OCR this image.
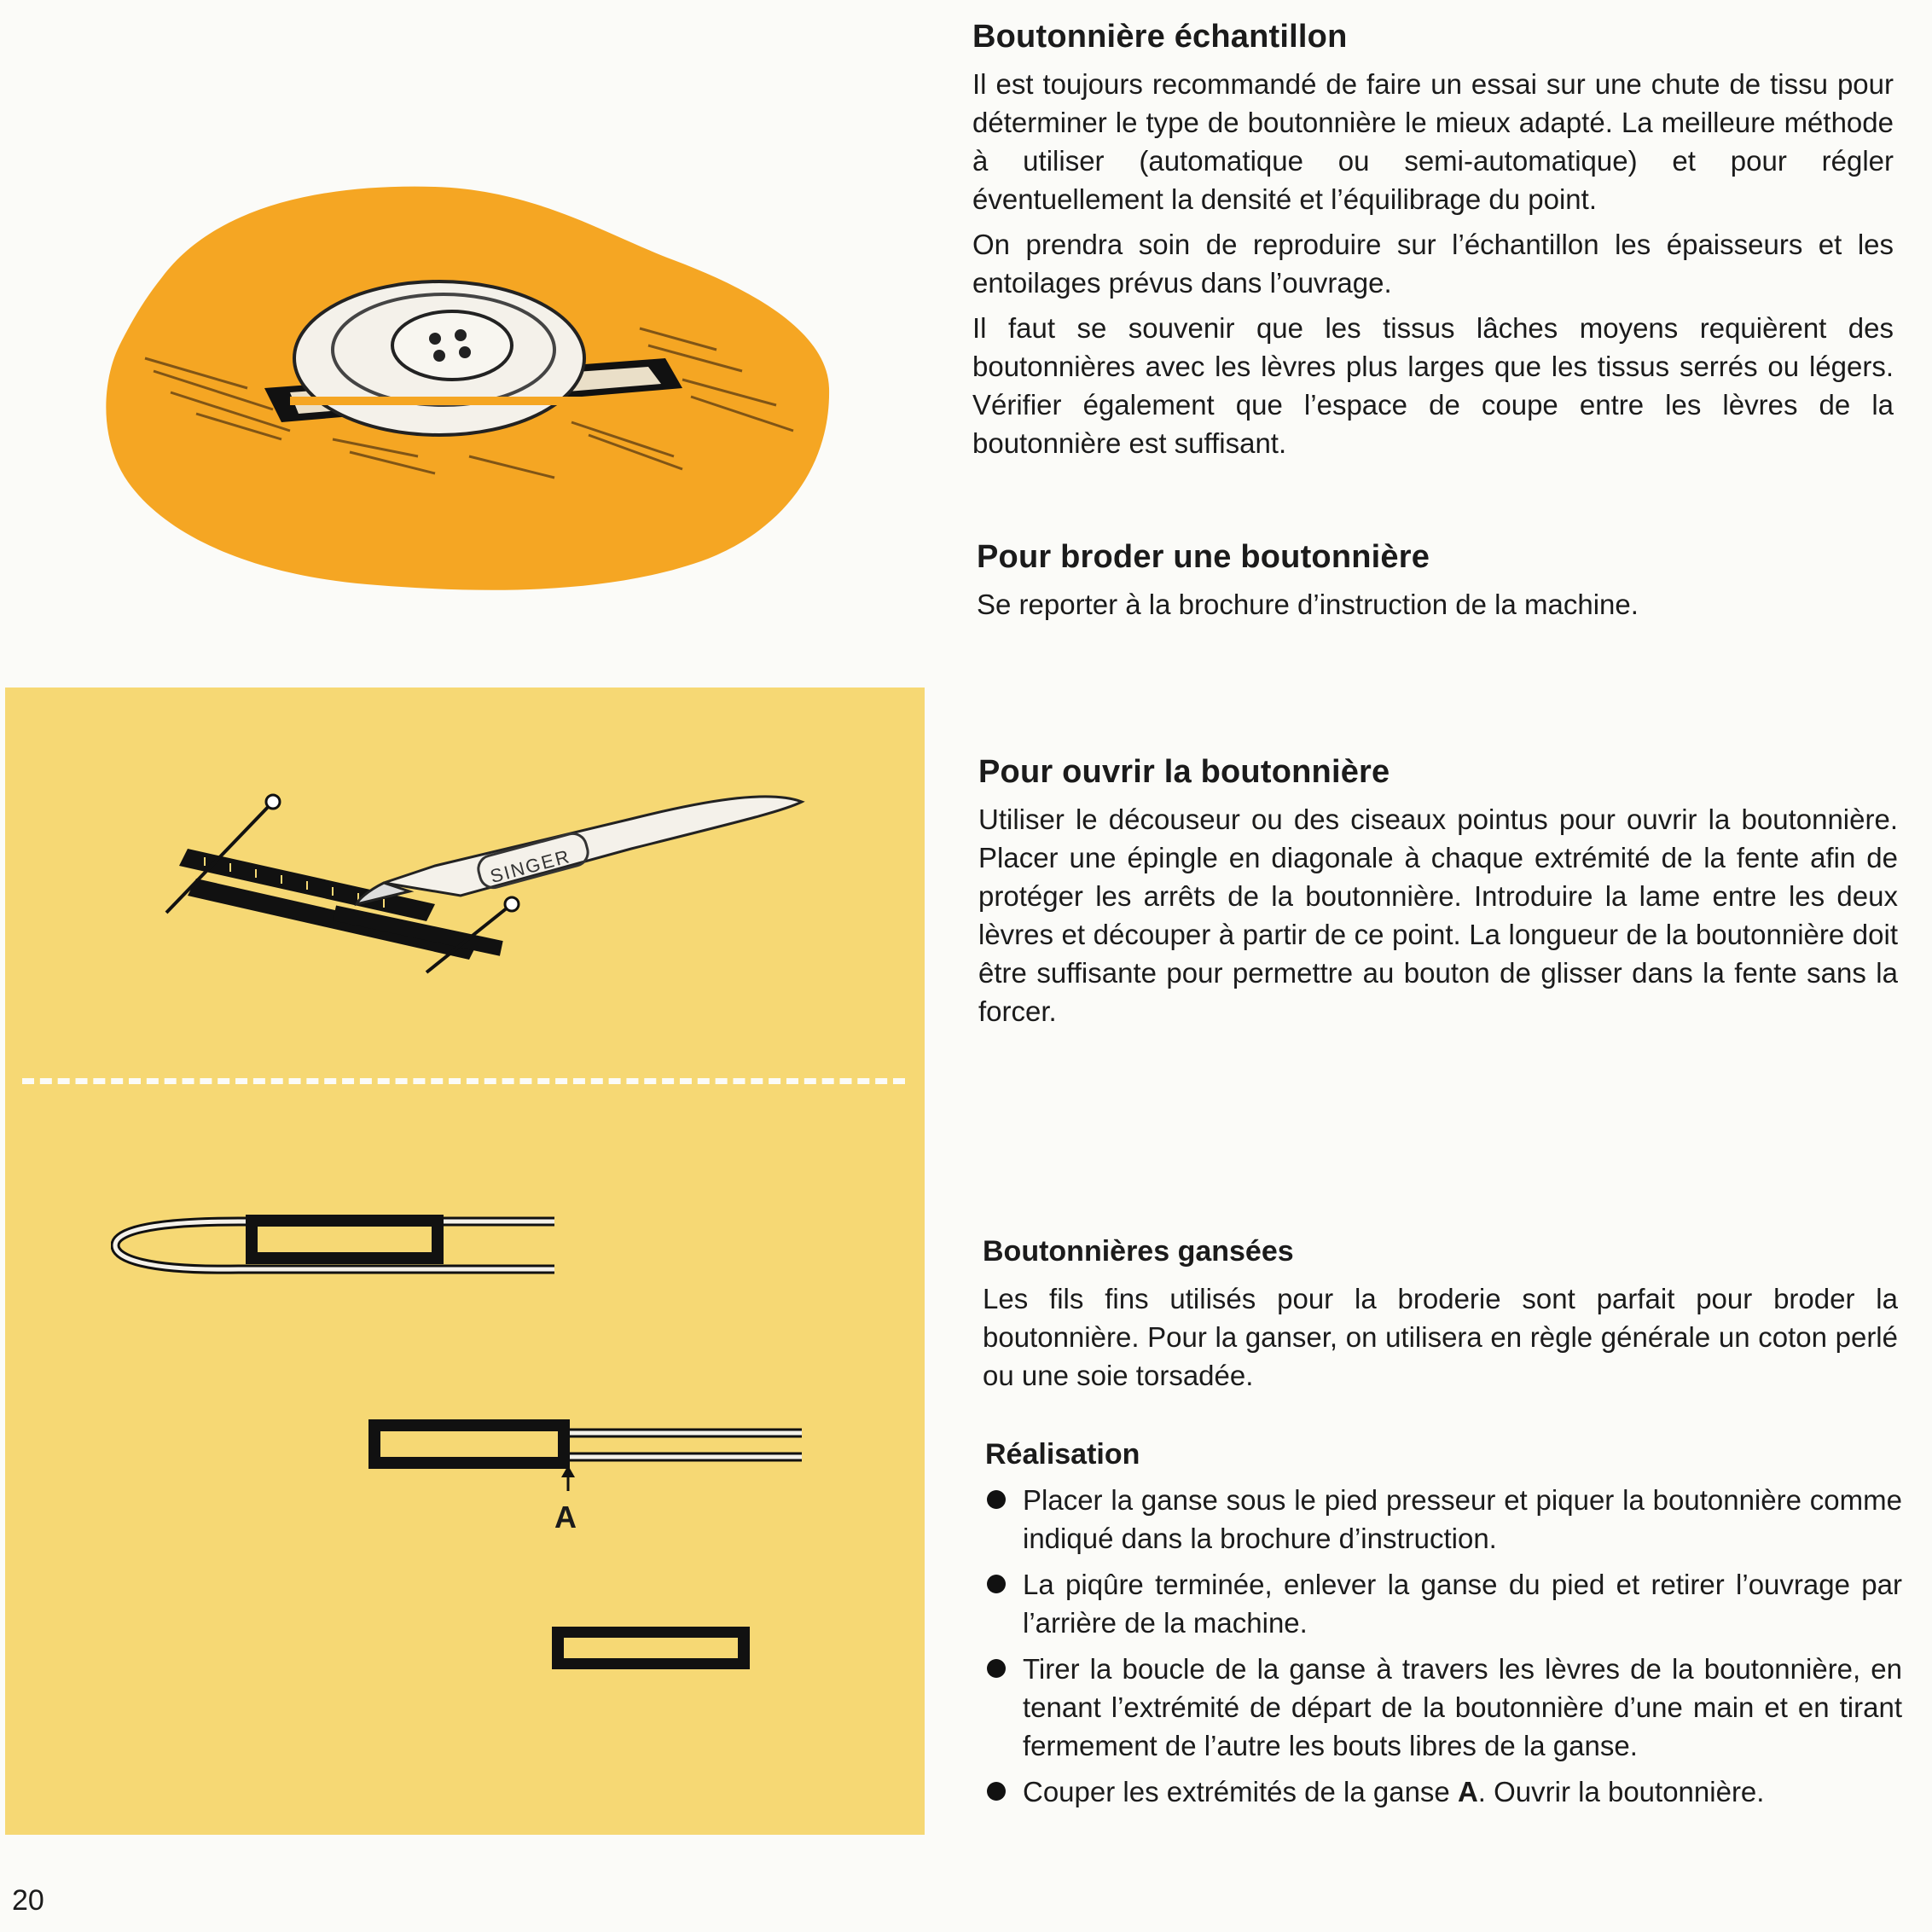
SINGER
A
Boutonnière échantillon

Il est toujours recommandé de faire un essai sur une chute de tissu pour déterminer le type de boutonnière le mieux adapté. La meilleure méthode à utiliser (automatique ou semi-automatique) et pour régler éventuellement la densité et l’équilibrage du point.

On prendra soin de reproduire sur l’échantillon les épaisseurs et les entoilages prévus dans l’ouvrage.

Il faut se souvenir que les tissus lâches moyens requièrent des boutonnières avec les lèvres plus larges que les tissus serrés ou légers. Vérifier également que l’espace de coupe entre les lèvres de la boutonnière est suffisant.

Pour broder une boutonnière

Se reporter à la brochure d’instruction de la machine.

Pour ouvrir la boutonnière

Utiliser le découseur ou des ciseaux pointus pour ouvrir la boutonnière. Placer une épingle en diagonale à chaque extrémité de la fente afin de protéger les arrêts de la boutonnière. Introduire la lame entre les deux lèvres et découper à partir de ce point. La longueur de la boutonnière doit être suffisante pour permettre au bouton de glisser dans la fente sans la forcer.

Boutonnières gansées

Les fils fins utilisés pour la broderie sont parfait pour broder la boutonnière. Pour la ganser, on utilisera en règle générale un coton perlé ou une soie torsadée.

Réalisation
Placer la ganse sous le pied presseur et piquer la boutonnière comme indiqué dans la brochure d’instruction.
La piqûre terminée, enlever la ganse du pied et retirer l’ouvrage par l’arrière de la machine.
Tirer la boucle de la ganse à travers les lèvres de la boutonnière, en tenant l’extrémité de départ de la boutonnière d’une main et en tirant fermement de l’autre les bouts libres de la ganse.
Couper les extrémités de la ganse A. Ouvrir la boutonnière.
20
